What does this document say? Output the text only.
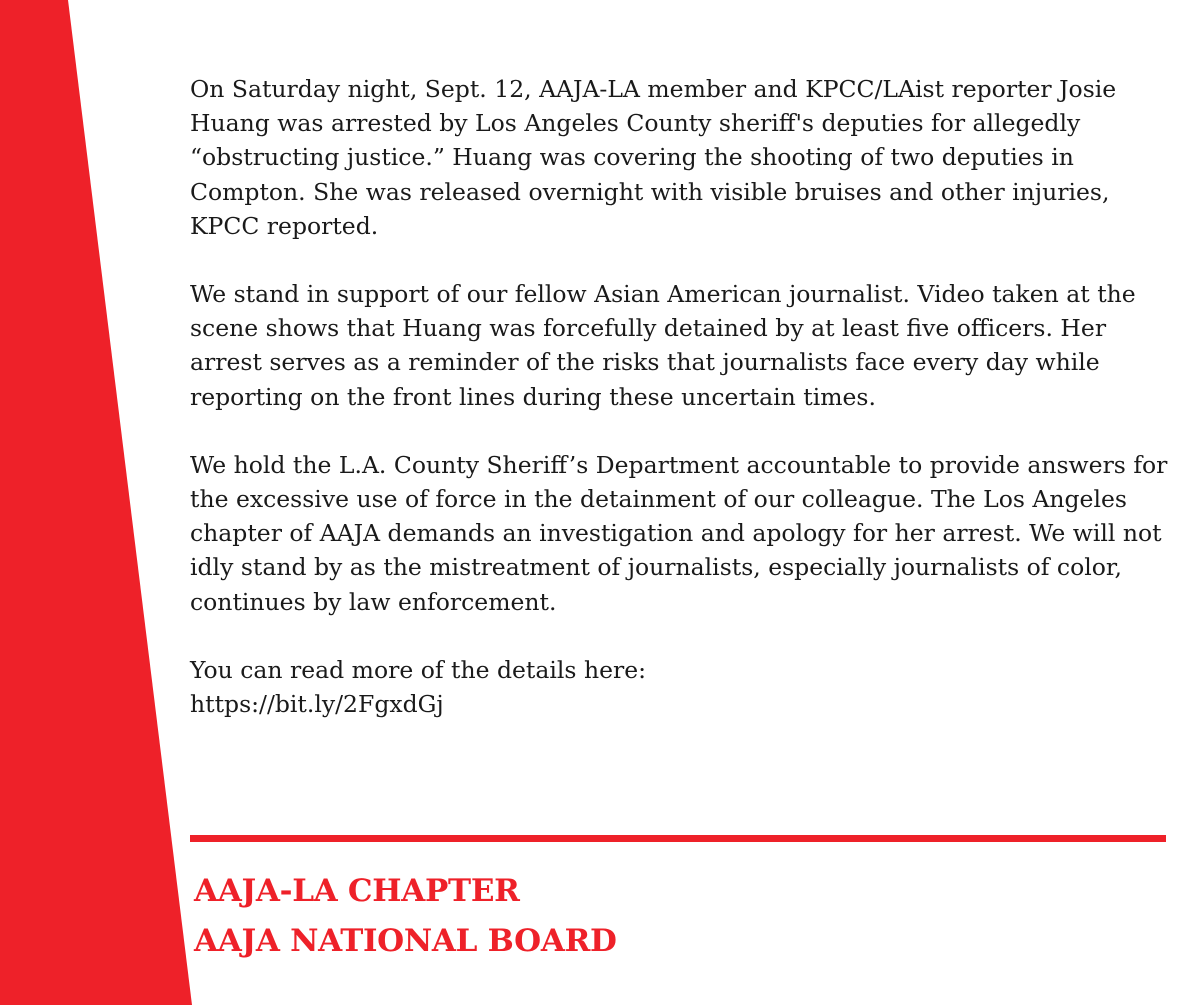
On Saturday night, Sept. 12, AAJA-LA member and KPCC/LAist reporter Josie Huang was arrested by Los Angeles County sheriff's deputies for allegedly “obstructing justice.” Huang was covering the shooting of two deputies in Compton. She was released overnight with visible bruises and other injuries, KPCC reported.

We stand in support of our fellow Asian American journalist. Video taken at the scene shows that Huang was forcefully detained by at least five officers. Her arrest serves as a reminder of the risks that journalists face every day while reporting on the front lines during these uncertain times.

We hold the L.A. County Sheriff’s Department accountable to provide answers for the excessive use of force in the detainment of our colleague. The Los Angeles chapter of AAJA demands an investigation and apology for her arrest. We will not idly stand by as the mistreatment of journalists, especially journalists of color, continues by law enforcement.

You can read more of the details here:
https://bit.ly/2FgxdGj

AAJA-LA CHAPTER
AAJA NATIONAL BOARD
